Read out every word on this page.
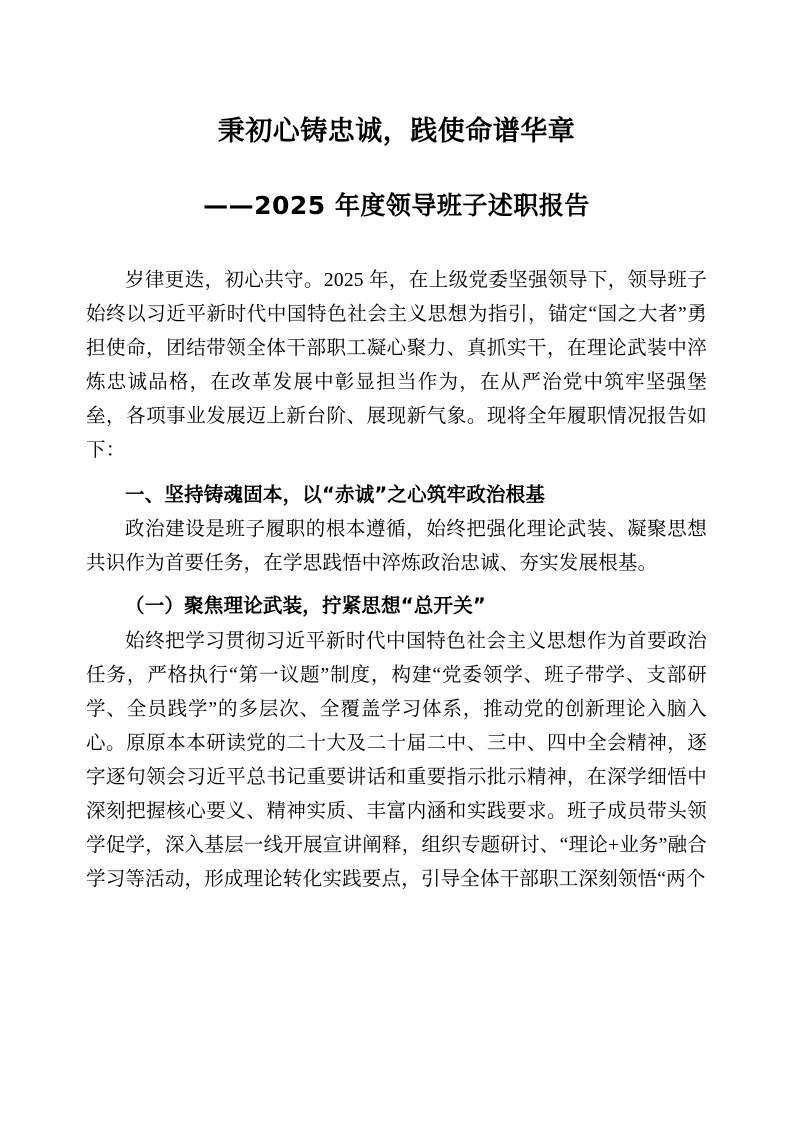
秉初心铸忠诚，践使命谱华章
——2025 年度领导班子述职报告

岁律更迭，初心共守。2025 年，在上级党委坚强领导下，领导班子始终以习近平新时代中国特色社会主义思想为指引，锚定“国之大者”勇担使命，团结带领全体干部职工凝心聚力、真抓实干，在理论武装中淬炼忠诚品格，在改革发展中彰显担当作为，在从严治党中筑牢坚强堡垒，各项事业发展迈上新台阶、展现新气象。现将全年履职情况报告如下：

一、坚持铸魂固本，以“赤诚”之心筑牢政治根基

政治建设是班子履职的根本遵循，始终把强化理论武装、凝聚思想共识作为首要任务，在学思践悟中淬炼政治忠诚、夯实发展根基。

（一）聚焦理论武装，拧紧思想“总开关”

始终把学习贯彻习近平新时代中国特色社会主义思想作为首要政治任务，严格执行“第一议题”制度，构建“党委领学、班子带学、支部研学、全员践学”的多层次、全覆盖学习体系，推动党的创新理论入脑入心。原原本本研读党的二十大及二十届二中、三中、四中全会精神，逐字逐句领会习近平总书记重要讲话和重要指示批示精神，在深学细悟中深刻把握核心要义、精神实质、丰富内涵和实践要求。班子成员带头领学促学，深入基层一线开展宣讲阐释，组织专题研讨、“理论+业务”融合学习等活动，形成理论转化实践要点，引导全体干部职工深刻领悟“两个
